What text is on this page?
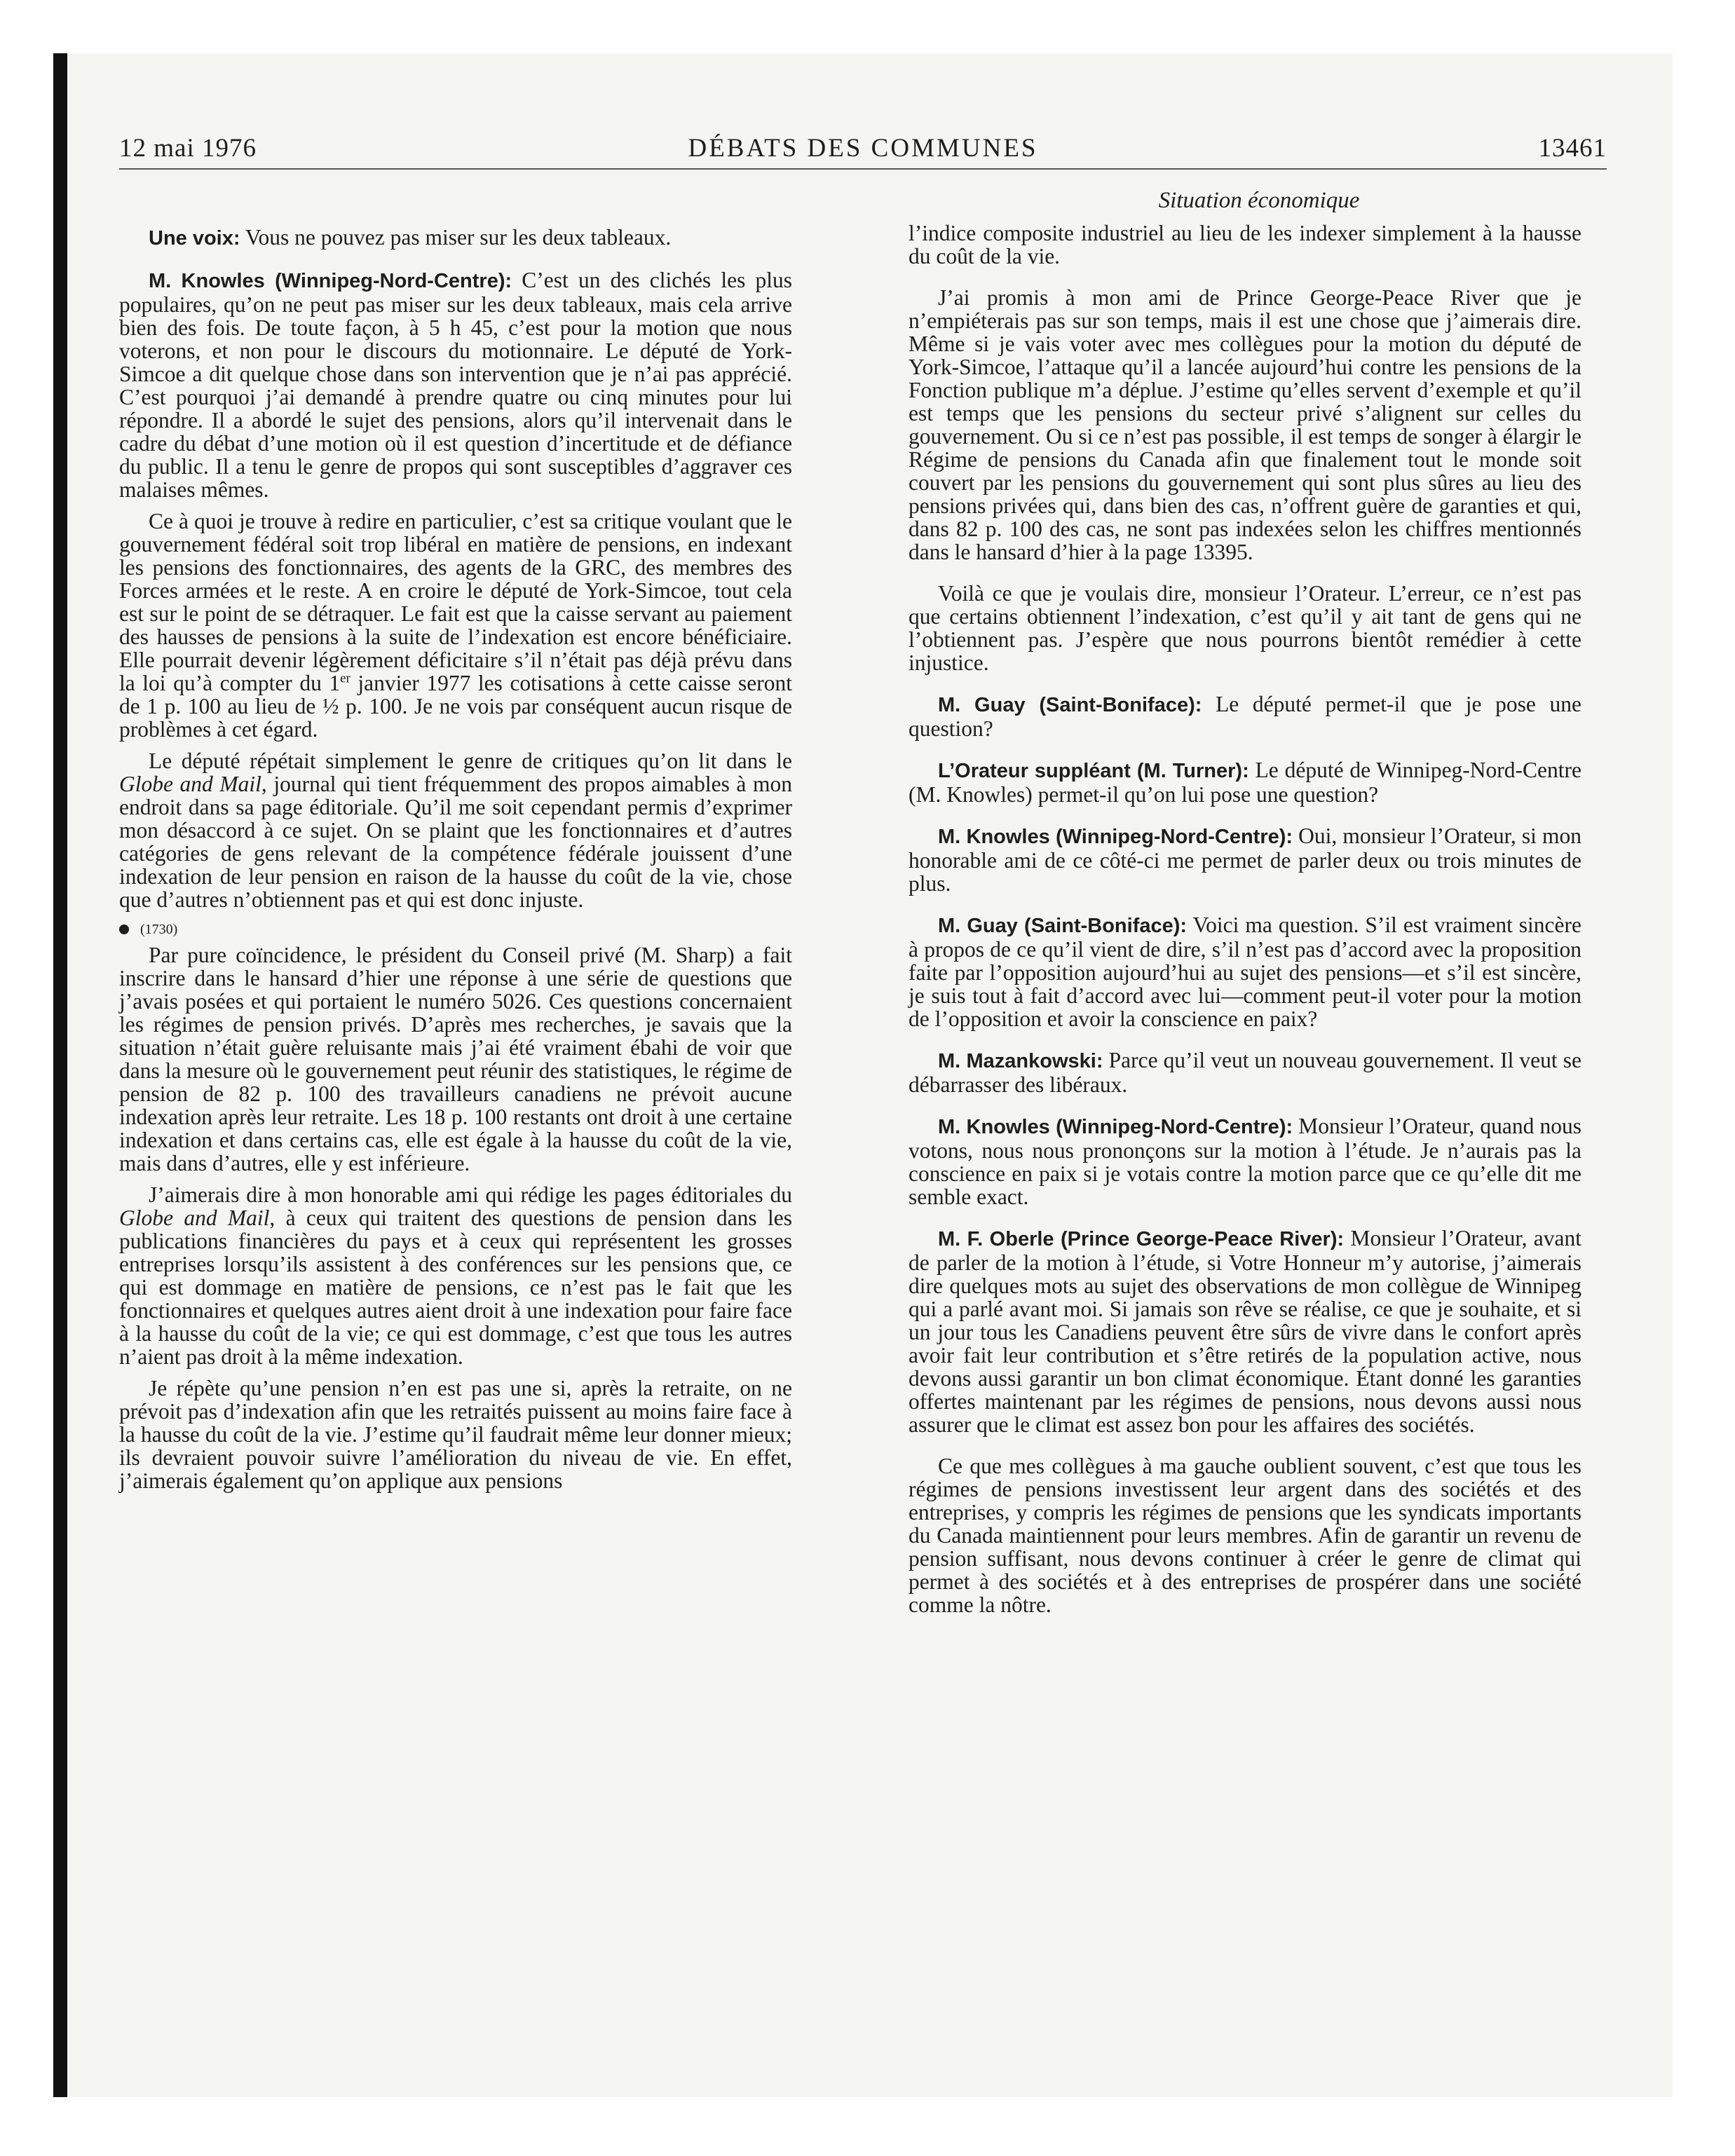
12 mai 1976	DÉBATS DES COMMUNES	13461
Situation économique

Une voix: Vous ne pouvez pas miser sur les deux tableaux.

M. Knowles (Winnipeg-Nord-Centre): C’est un des clichés les plus populaires, qu’on ne peut pas miser sur les deux tableaux, mais cela arrive bien des fois. De toute façon, à 5 h 45, c’est pour la motion que nous voterons, et non pour le discours du motionnaire. Le député de York-Simcoe a dit quelque chose dans son intervention que je n’ai pas apprécié. C’est pourquoi j’ai demandé à prendre quatre ou cinq minutes pour lui répondre. Il a abordé le sujet des pensions, alors qu’il intervenait dans le cadre du débat d’une motion où il est question d’incertitude et de défiance du public. Il a tenu le genre de propos qui sont susceptibles d’aggraver ces malaises mêmes.

Ce à quoi je trouve à redire en particulier, c’est sa critique voulant que le gouvernement fédéral soit trop libéral en matière de pensions, en indexant les pensions des fonctionnaires, des agents de la GRC, des membres des Forces armées et le reste. A en croire le député de York-Simcoe, tout cela est sur le point de se détraquer. Le fait est que la caisse servant au paiement des hausses de pensions à la suite de l’indexation est encore bénéficiaire. Elle pourrait devenir légèrement déficitaire s’il n’était pas déjà prévu dans la loi qu’à compter du 1er janvier 1977 les cotisations à cette caisse seront de 1 p. 100 au lieu de ½ p. 100. Je ne vois par conséquent aucun risque de problèmes à cet égard.

Le député répétait simplement le genre de critiques qu’on lit dans le Globe and Mail, journal qui tient fréquemment des propos aimables à mon endroit dans sa page éditoriale. Qu’il me soit cependant permis d’exprimer mon désaccord à ce sujet. On se plaint que les fonctionnaires et d’autres catégories de gens relevant de la compétence fédérale jouissent d’une indexation de leur pension en raison de la hausse du coût de la vie, chose que d’autres n’obtiennent pas et qui est donc injuste.

(1730)

Par pure coïncidence, le président du Conseil privé (M. Sharp) a fait inscrire dans le hansard d’hier une réponse à une série de questions que j’avais posées et qui portaient le numéro 5026. Ces questions concernaient les régimes de pension privés. D’après mes recherches, je savais que la situation n’était guère reluisante mais j’ai été vraiment ébahi de voir que dans la mesure où le gouvernement peut réunir des statistiques, le régime de pension de 82 p. 100 des travailleurs canadiens ne prévoit aucune indexation après leur retraite. Les 18 p. 100 restants ont droit à une certaine indexation et dans certains cas, elle est égale à la hausse du coût de la vie, mais dans d’autres, elle y est inférieure.

J’aimerais dire à mon honorable ami qui rédige les pages éditoriales du Globe and Mail, à ceux qui traitent des questions de pension dans les publications financières du pays et à ceux qui représentent les grosses entreprises lorsqu’ils assistent à des conférences sur les pensions que, ce qui est dommage en matière de pensions, ce n’est pas le fait que les fonctionnaires et quelques autres aient droit à une indexation pour faire face à la hausse du coût de la vie; ce qui est dommage, c’est que tous les autres n’aient pas droit à la même indexation.

Je répète qu’une pension n’en est pas une si, après la retraite, on ne prévoit pas d’indexation afin que les retraités puissent au moins faire face à la hausse du coût de la vie. J’estime qu’il faudrait même leur donner mieux; ils devraient pouvoir suivre l’amélioration du niveau de vie. En effet, j’aimerais également qu’on applique aux pensions

l’indice composite industriel au lieu de les indexer simplement à la hausse du coût de la vie.

J’ai promis à mon ami de Prince George-Peace River que je n’empiéterais pas sur son temps, mais il est une chose que j’aimerais dire. Même si je vais voter avec mes collègues pour la motion du député de York-Simcoe, l’attaque qu’il a lancée aujourd’hui contre les pensions de la Fonction publique m’a déplue. J’estime qu’elles servent d’exemple et qu’il est temps que les pensions du secteur privé s’alignent sur celles du gouvernement. Ou si ce n’est pas possible, il est temps de songer à élargir le Régime de pensions du Canada afin que finalement tout le monde soit couvert par les pensions du gouvernement qui sont plus sûres au lieu des pensions privées qui, dans bien des cas, n’offrent guère de garanties et qui, dans 82 p. 100 des cas, ne sont pas indexées selon les chiffres mentionnés dans le hansard d’hier à la page 13395.

Voilà ce que je voulais dire, monsieur l’Orateur. L’erreur, ce n’est pas que certains obtiennent l’indexation, c’est qu’il y ait tant de gens qui ne l’obtiennent pas. J’espère que nous pourrons bientôt remédier à cette injustice.

M. Guay (Saint-Boniface): Le député permet-il que je pose une question?

L’Orateur suppléant (M. Turner): Le député de Winnipeg-Nord-Centre (M. Knowles) permet-il qu’on lui pose une question?

M. Knowles (Winnipeg-Nord-Centre): Oui, monsieur l’Orateur, si mon honorable ami de ce côté-ci me permet de parler deux ou trois minutes de plus.

M. Guay (Saint-Boniface): Voici ma question. S’il est vraiment sincère à propos de ce qu’il vient de dire, s’il n’est pas d’accord avec la proposition faite par l’opposition aujourd’hui au sujet des pensions—et s’il est sincère, je suis tout à fait d’accord avec lui—comment peut-il voter pour la motion de l’opposition et avoir la conscience en paix?

M. Mazankowski: Parce qu’il veut un nouveau gouvernement. Il veut se débarrasser des libéraux.

M. Knowles (Winnipeg-Nord-Centre): Monsieur l’Orateur, quand nous votons, nous nous prononçons sur la motion à l’étude. Je n’aurais pas la conscience en paix si je votais contre la motion parce que ce qu’elle dit me semble exact.

M. F. Oberle (Prince George-Peace River): Monsieur l’Orateur, avant de parler de la motion à l’étude, si Votre Honneur m’y autorise, j’aimerais dire quelques mots au sujet des observations de mon collègue de Winnipeg qui a parlé avant moi. Si jamais son rêve se réalise, ce que je souhaite, et si un jour tous les Canadiens peuvent être sûrs de vivre dans le confort après avoir fait leur contribution et s’être retirés de la population active, nous devons aussi garantir un bon climat économique. Étant donné les garanties offertes maintenant par les régimes de pensions, nous devons aussi nous assurer que le climat est assez bon pour les affaires des sociétés.

Ce que mes collègues à ma gauche oublient souvent, c’est que tous les régimes de pensions investissent leur argent dans des sociétés et des entreprises, y compris les régimes de pensions que les syndicats importants du Canada maintiennent pour leurs membres. Afin de garantir un revenu de pension suffisant, nous devons continuer à créer le genre de climat qui permet à des sociétés et à des entreprises de prospérer dans une société comme la nôtre.
